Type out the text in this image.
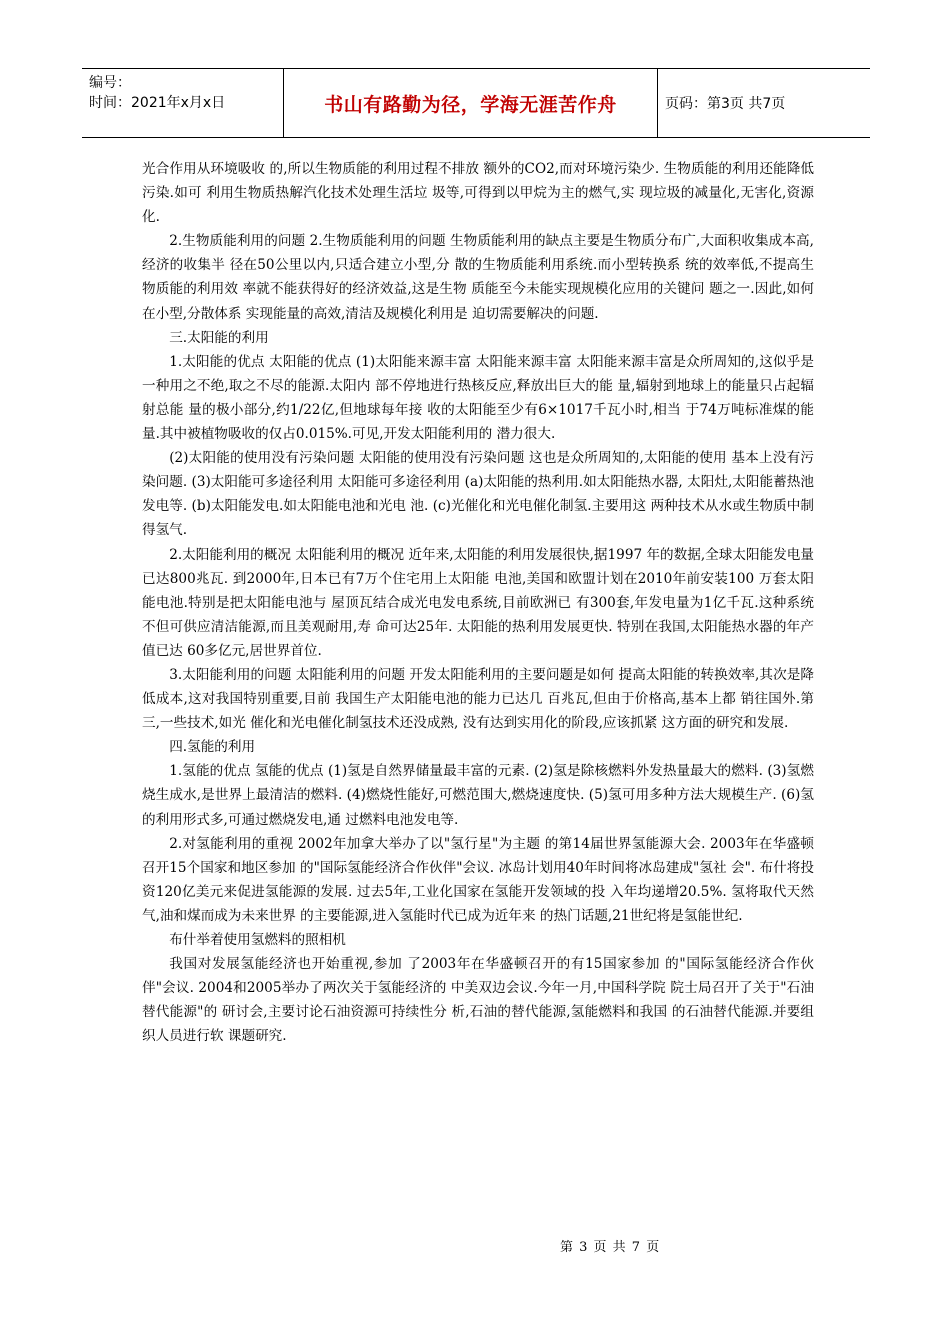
编号：
时间：2021年x月x日	书山有路勤为径，学海无涯苦作舟	页码：第3页 共7页

光合作用从环境吸收 的,所以生物质能的利用过程不排放 额外的CO2,而对环境污染少. 生物质能的利用还能降低污染.如可 利用生物质热解汽化技术处理生活垃 圾等,可得到以甲烷为主的燃气,实 现垃圾的减量化,无害化,资源化.

2.生物质能利用的问题 2.生物质能利用的问题 生物质能利用的缺点主要是生物质分布广,大面积收集成本高,经济的收集半 径在50公里以内,只适合建立小型,分 散的生物质能利用系统.而小型转换系 统的效率低,不提高生物质能的利用效 率就不能获得好的经济效益,这是生物 质能至今未能实现规模化应用的关键问 题之一.因此,如何在小型,分散体系 实现能量的高效,清洁及规模化利用是 迫切需要解决的问题.

三.太阳能的利用

1.太阳能的优点 太阳能的优点 (1)太阳能来源丰富 太阳能来源丰富 太阳能来源丰富是众所周知的,这似乎是 一种用之不绝,取之不尽的能源.太阳内 部不停地进行热核反应,释放出巨大的能 量,辐射到地球上的能量只占起辐射总能 量的极小部分,约1/22亿,但地球每年接 收的太阳能至少有6×1017千瓦小时,相当 于74万吨标准煤的能量.其中被植物吸收的仅占0.015%.可见,开发太阳能利用的 潜力很大.

(2)太阳能的使用没有污染问题 太阳能的使用没有污染问题 这也是众所周知的,太阳能的使用 基本上没有污染问题. (3)太阳能可多途径利用 太阳能可多途径利用 (a)太阳能的热利用.如太阳能热水器, 太阳灶,太阳能蓄热池发电等. (b)太阳能发电.如太阳能电池和光电 池. (c)光催化和光电催化制氢.主要用这 两种技术从水或生物质中制得氢气.

2.太阳能利用的概况 太阳能利用的概况 近年来,太阳能的利用发展很快,据1997 年的数据,全球太阳能发电量已达800兆瓦. 到2000年,日本已有7万个住宅用上太阳能 电池,美国和欧盟计划在2010年前安装100 万套太阳能电池.特别是把太阳能电池与 屋顶瓦结合成光电发电系统,目前欧洲已 有300套,年发电量为1亿千瓦.这种系统 不但可供应清洁能源,而且美观耐用,寿 命可达25年. 太阳能的热利用发展更快. 特别在我国,太阳能热水器的年产值已达 60多亿元,居世界首位.

3.太阳能利用的问题 太阳能利用的问题 开发太阳能利用的主要问题是如何 提高太阳能的转换效率,其次是降 低成本,这对我国特别重要,目前 我国生产太阳能电池的能力已达几 百兆瓦,但由于价格高,基本上都 销往国外.第三,一些技术,如光 催化和光电催化制氢技术还没成熟, 没有达到实用化的阶段,应该抓紧 这方面的研究和发展.

四.氢能的利用

1.氢能的优点 氢能的优点 (1)氢是自然界储量最丰富的元素. (2)氢是除核燃料外发热量最大的燃料. (3)氢燃烧生成水,是世界上最清洁的燃料. (4)燃烧性能好,可燃范围大,燃烧速度快. (5)氢可用多种方法大规模生产. (6)氢的利用形式多,可通过燃烧发电,通 过燃料电池发电等.

2.对氢能利用的重视 2002年加拿大举办了以"氢行星"为主题 的第14届世界氢能源大会. 2003年在华盛顿召开15个国家和地区参加 的"国际氢能经济合作伙伴"会议. 冰岛计划用40年时间将冰岛建成"氢社 会". 布什将投资120亿美元来促进氢能源的发展. 过去5年,工业化国家在氢能开发领域的投 入年均递增20.5%. 氢将取代天然气,油和煤而成为未来世界 的主要能源,进入氢能时代已成为近年来 的热门话题,21世纪将是氢能世纪.

布什举着使用氢燃料的照相机

我国对发展氢能经济也开始重视,参加 了2003年在华盛顿召开的有15国家参加 的"国际氢能经济合作伙伴"会议. 2004和2005举办了两次关于氢能经济的 中美双边会议.今年一月,中国科学院 院士局召开了关于"石油替代能源"的 研讨会,主要讨论石油资源可持续性分 析,石油的替代能源,氢能燃料和我国 的石油替代能源.并要组织人员进行软 课题研究.

第 3 页 共 7 页
